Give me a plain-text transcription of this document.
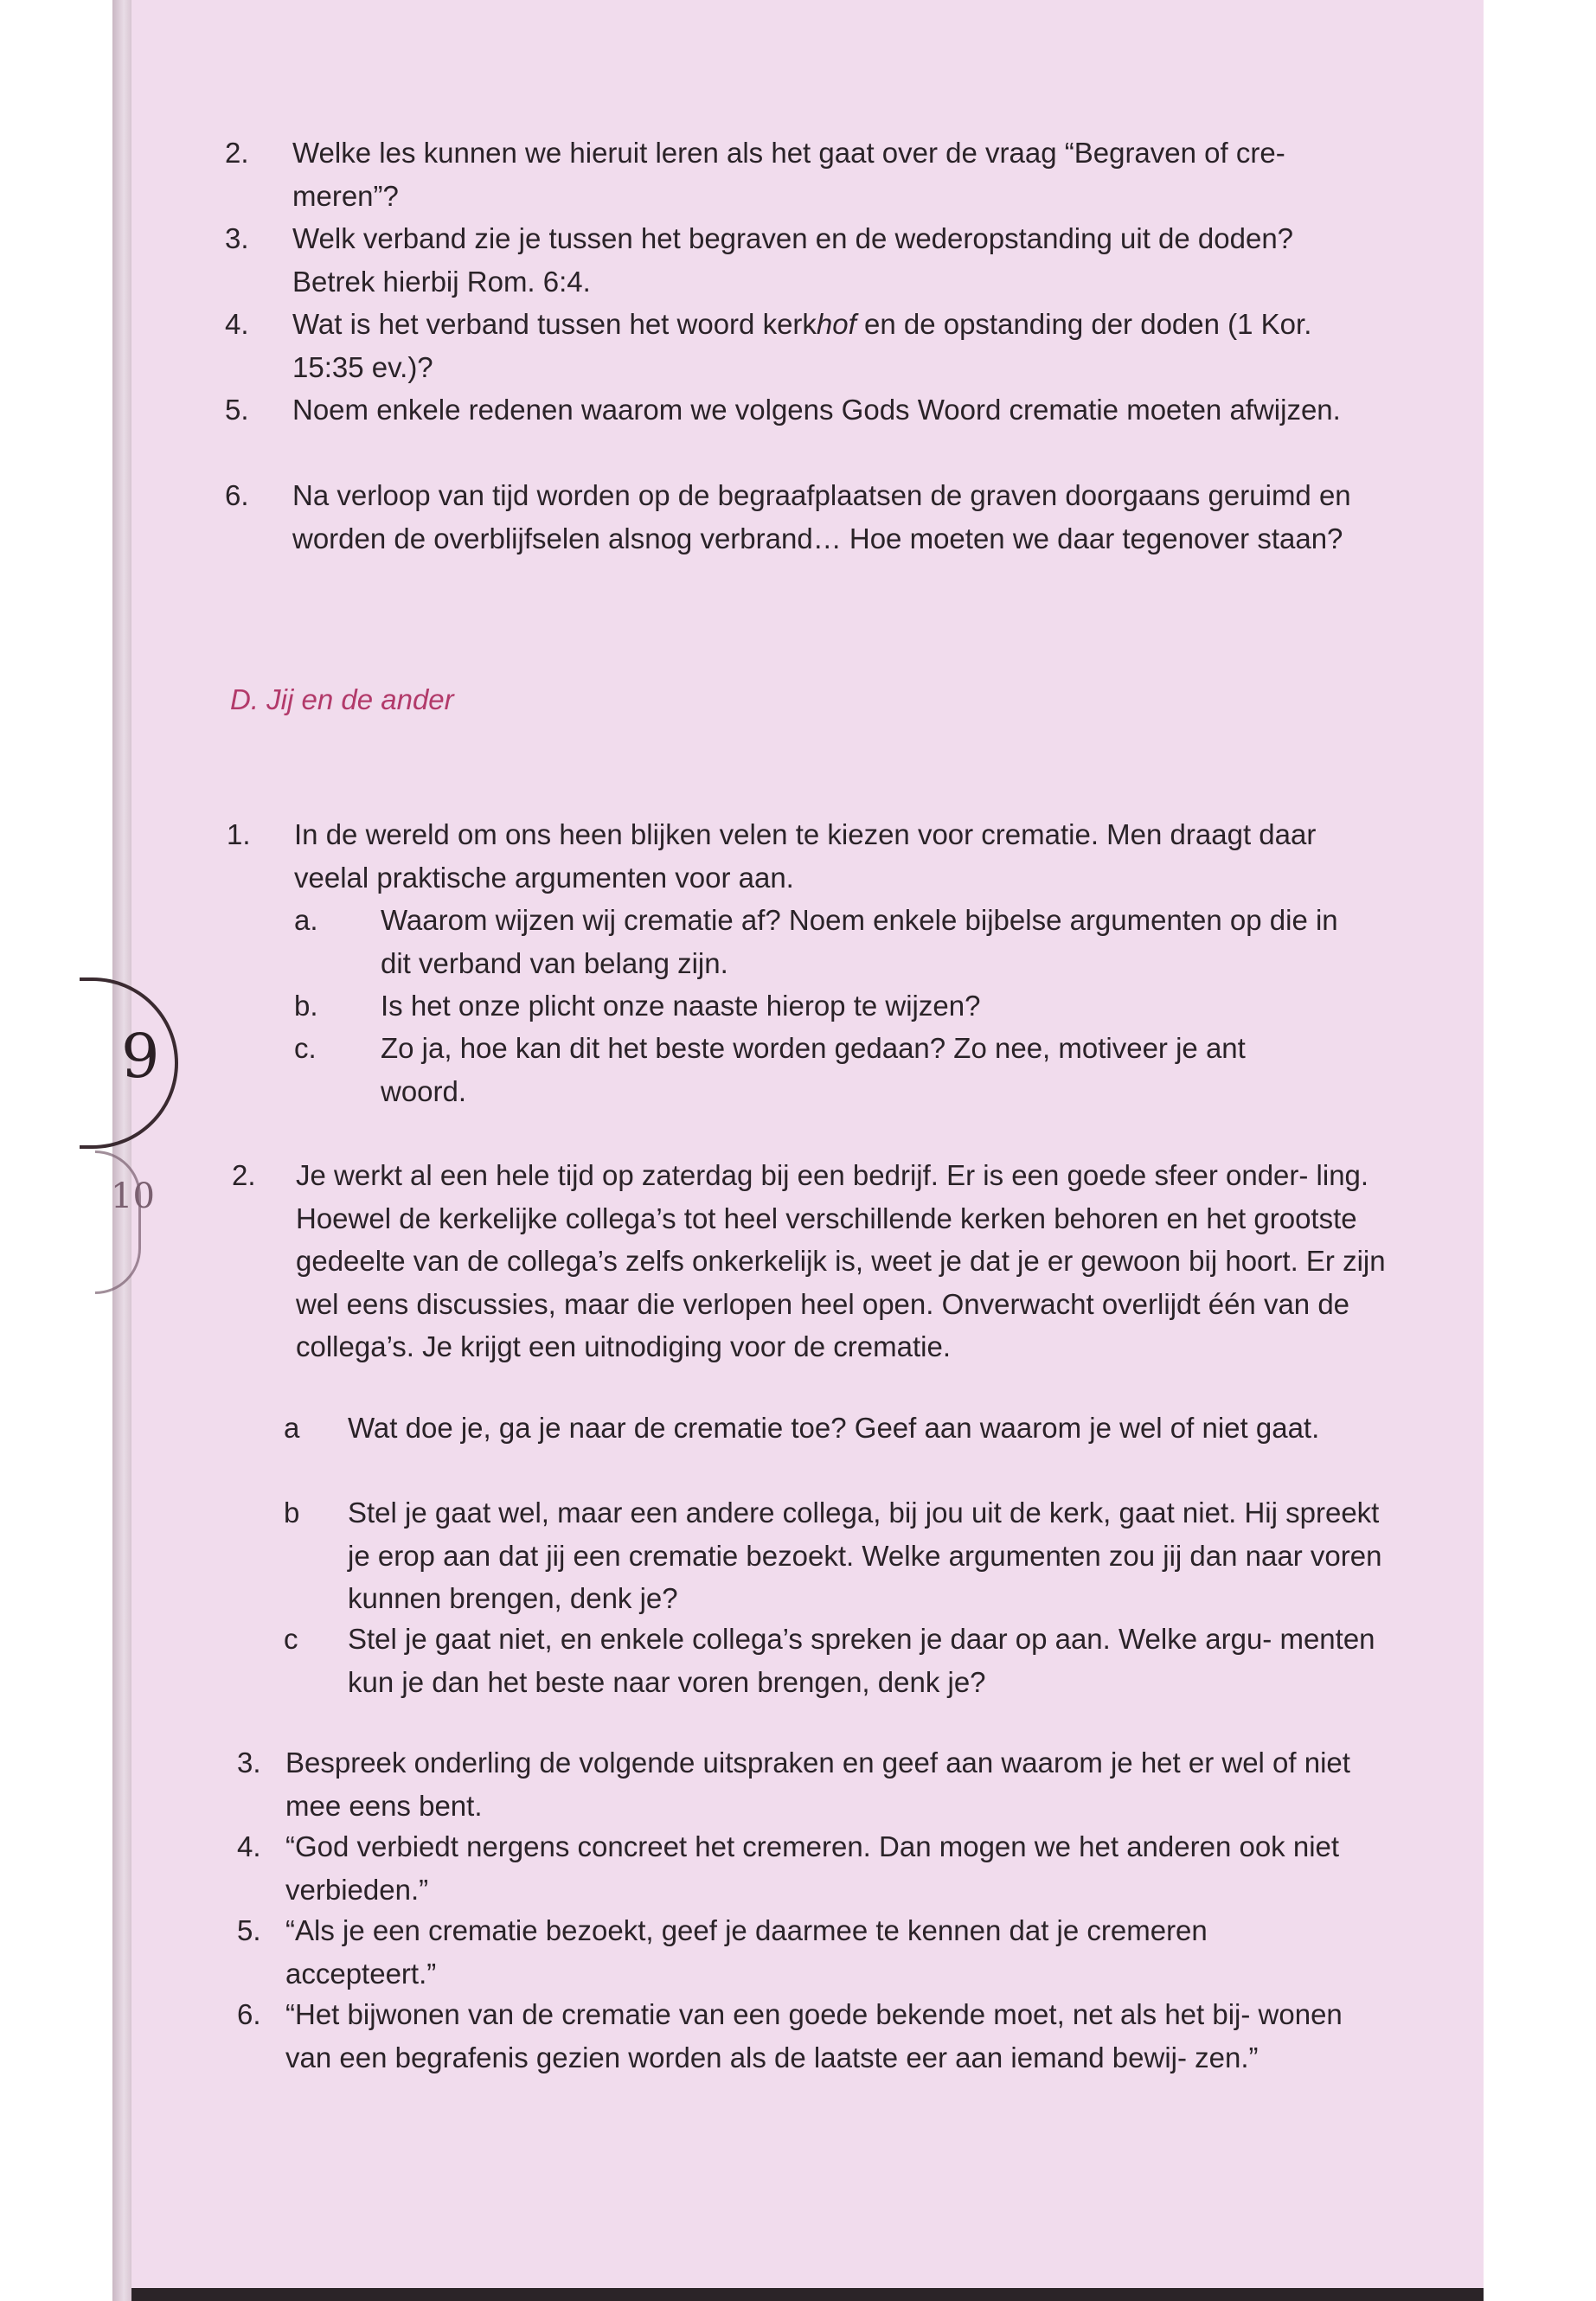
9
10
2. Welke les kunnen we hieruit leren als het gaat over de vraag “Begraven of cre- meren”?
3. Welk verband zie je tussen het begraven en de wederopstanding uit de doden? Betrek hierbij Rom. 6:4.
4. Wat is het verband tussen het woord kerkhof en de opstanding der doden (1 Kor. 15:35 ev.)?
5. Noem enkele redenen waarom we volgens Gods Woord crematie moeten afwijzen.
6. Na verloop van tijd worden op de begraafplaatsen de graven doorgaans geruimd en worden de overblijfselen alsnog verbrand… Hoe moeten we daar tegenover staan?
D. Jij en de ander
1. In de wereld om ons heen blijken velen te kiezen voor crematie. Men draagt daar veelal praktische argumenten voor aan.
a. Waarom wijzen wij crematie af? Noem enkele bijbelse argumenten op die in dit verband van belang zijn.
b. Is het onze plicht onze naaste hierop te wijzen?
c. Zo ja, hoe kan dit het beste worden gedaan? Zo nee, motiveer je ant woord.
2. Je werkt al een hele tijd op zaterdag bij een bedrijf. Er is een goede sfeer onder- ling. Hoewel de kerkelijke collega’s tot heel verschillende kerken behoren en het grootste gedeelte van de collega’s zelfs onkerkelijk is, weet je dat je er gewoon bij hoort. Er zijn wel eens discussies, maar die verlopen heel open. Onverwacht overlijdt één van de collega’s. Je krijgt een uitnodiging voor de crematie.
a Wat doe je, ga je naar de crematie toe? Geef aan waarom je wel of niet gaat.
b Stel je gaat wel, maar een andere collega, bij jou uit de kerk, gaat niet. Hij spreekt je erop aan dat jij een crematie bezoekt. Welke argumenten zou jij dan naar voren kunnen brengen, denk je?
c Stel je gaat niet, en enkele collega’s spreken je daar op aan. Welke argu- menten kun je dan het beste naar voren brengen, denk je?
3. Bespreek onderling de volgende uitspraken en geef aan waarom je het er wel of niet mee eens bent.
4. “God verbiedt nergens concreet het cremeren. Dan mogen we het anderen ook niet verbieden.”
5. “Als je een crematie bezoekt, geef je daarmee te kennen dat je cremeren accepteert.”
6. “Het bijwonen van de crematie van een goede bekende moet, net als het bij- wonen van een begrafenis gezien worden als de laatste eer aan iemand bewij- zen.”
